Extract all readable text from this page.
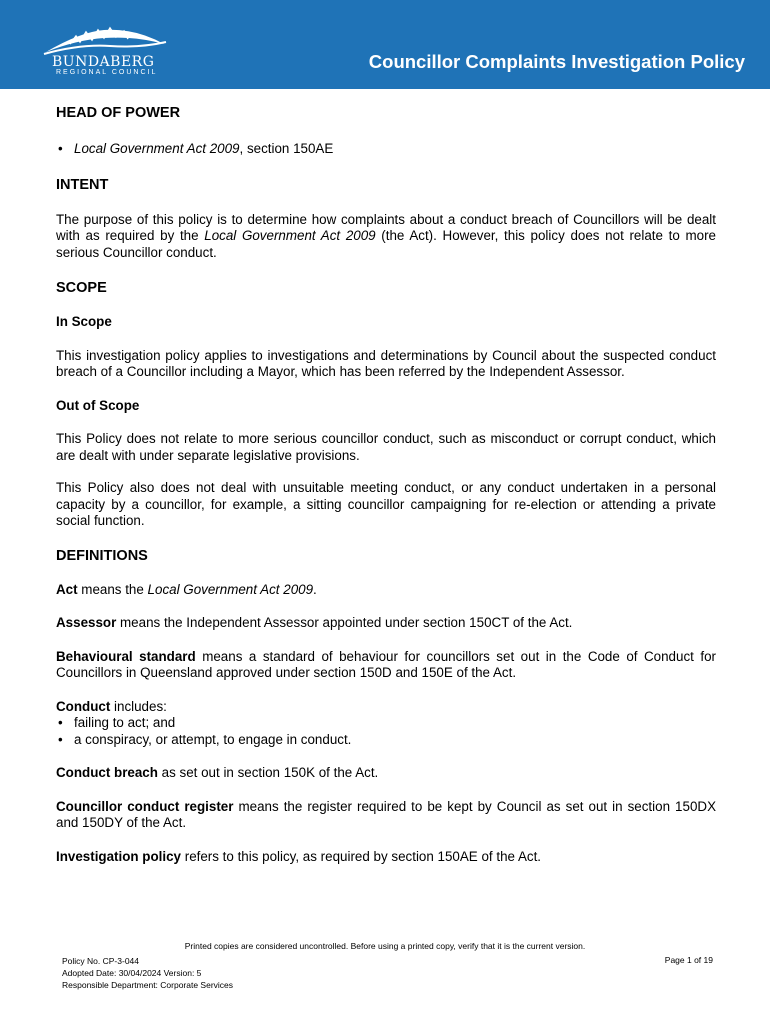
BUNDABERG
REGIONAL COUNCIL
Councillor Complaints Investigation Policy
HEAD OF POWER
• Local Government Act 2009, section 150AE
INTENT

The purpose of this policy is to determine how complaints about a conduct breach of Councillors will be dealt with as required by the Local Government Act 2009 (the Act). However, this policy does not relate to more serious Councillor conduct.

SCOPE
In Scope

This investigation policy applies to investigations and determinations by Council about the suspected conduct breach of a Councillor including a Mayor, which has been referred by the Independent Assessor.

Out of Scope

This Policy does not relate to more serious councillor conduct, such as misconduct or corrupt conduct, which are dealt with under separate legislative provisions.

This Policy also does not deal with unsuitable meeting conduct, or any conduct undertaken in a personal capacity by a councillor, for example, a sitting councillor campaigning for re-election or attending a private social function.

DEFINITIONS

Act means the Local Government Act 2009.

Assessor means the Independent Assessor appointed under section 150CT of the Act.

Behavioural standard means a standard of behaviour for councillors set out in the Code of Conduct for Councillors in Queensland approved under section 150D and 150E of the Act.

Conduct includes:

• failing to act; and
• a conspiracy, or attempt, to engage in conduct.

Conduct breach as set out in section 150K of the Act.

Councillor conduct register means the register required to be kept by Council as set out in section 150DX and 150DY of the Act.

Investigation policy refers to this policy, as required by section 150AE of the Act.

Printed copies are considered uncontrolled. Before using a printed copy, verify that it is the current version.
Policy No. CP-3-044
Adopted Date: 30/04/2024 Version: 5
Responsible Department: Corporate Services
Page 1 of 19
